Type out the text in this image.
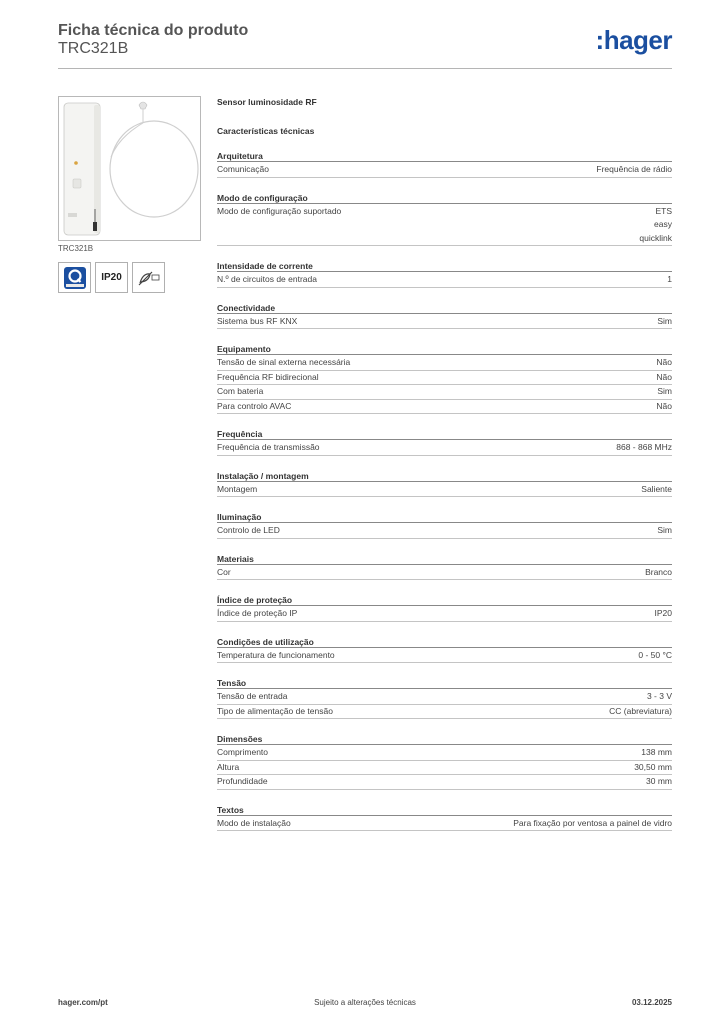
Ficha técnica do produto
TRC321B	:hager
TRC321B
IP20
Sensor luminosidade RF
Características técnicas
Arquitetura
Comunicação	Frequência de rádio
Modo de configuração
Modo de configuração suportado	ETS
easy
quicklink
Intensidade de corrente
N.º de circuitos de entrada	1
Conectividade
Sistema bus RF KNX	Sim
Equipamento
Tensão de sinal externa necessária	Não
Frequência RF bidirecional	Não
Com bateria	Sim
Para controlo AVAC	Não
Frequência
Frequência de transmissão	868 - 868 MHz
Instalação / montagem
Montagem	Saliente
Iluminação
Controlo de LED	Sim
Materiais
Cor	Branco
Índice de proteção
Índice de proteção IP	IP20
Condições de utilização
Temperatura de funcionamento	0 - 50 °C
Tensão
Tensão de entrada	3 - 3 V
Tipo de alimentação de tensão	CC (abreviatura)
Dimensões
Comprimento	138 mm
Altura	30,50 mm
Profundidade	30 mm
Textos
Modo de instalação	Para fixação por ventosa a painel de vidro
hager.com/pt	Sujeito a alterações técnicas	03.12.2025
